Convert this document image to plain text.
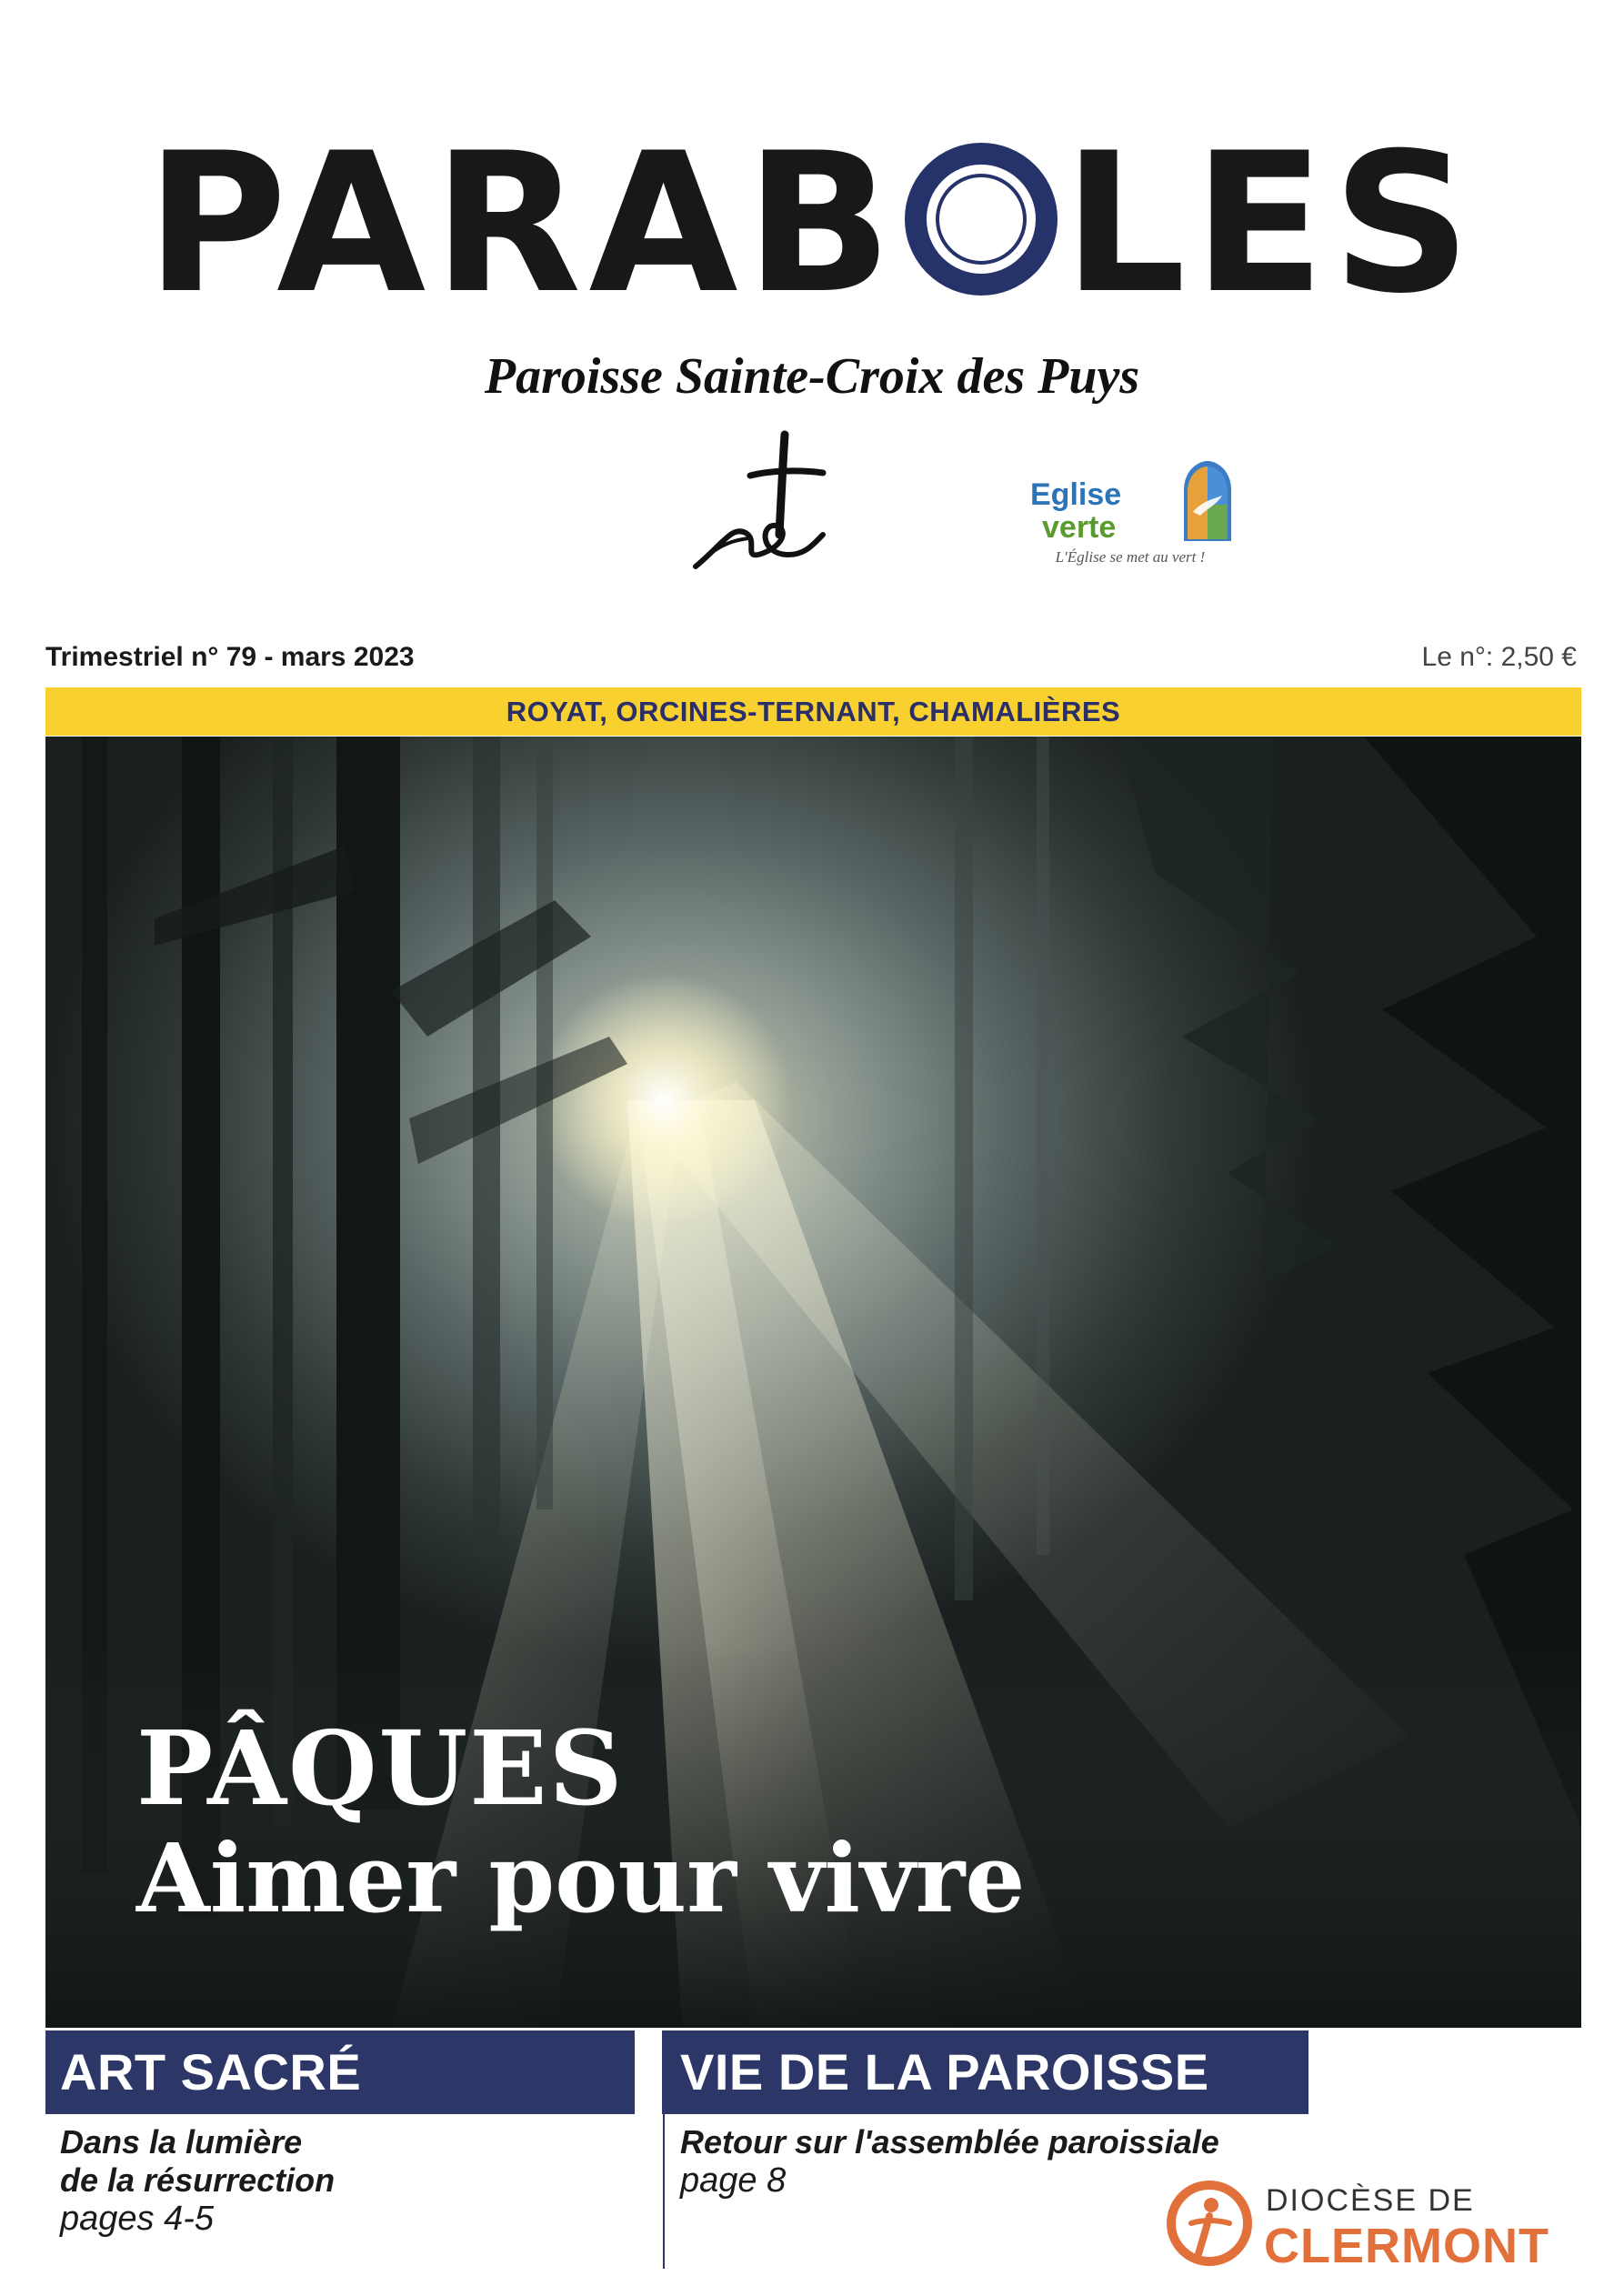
PARAB LES
Paroisse Sainte-Croix des Puys
Eglise
verte
L'Église se met au vert !
Trimestriel n° 79 - mars 2023	Le n°: 2,50 €
ROYAT, ORCINES-TERNANT, CHAMALIÈRES
PÂQUES
Aimer pour vivre
ART SACRÉ
Dans la lumière
de la résurrection
pages 4-5
VIE DE LA PAROISSE
Retour sur l'assemblée paroissiale
page 8
DIOCÈSE DE
CLERMONT
